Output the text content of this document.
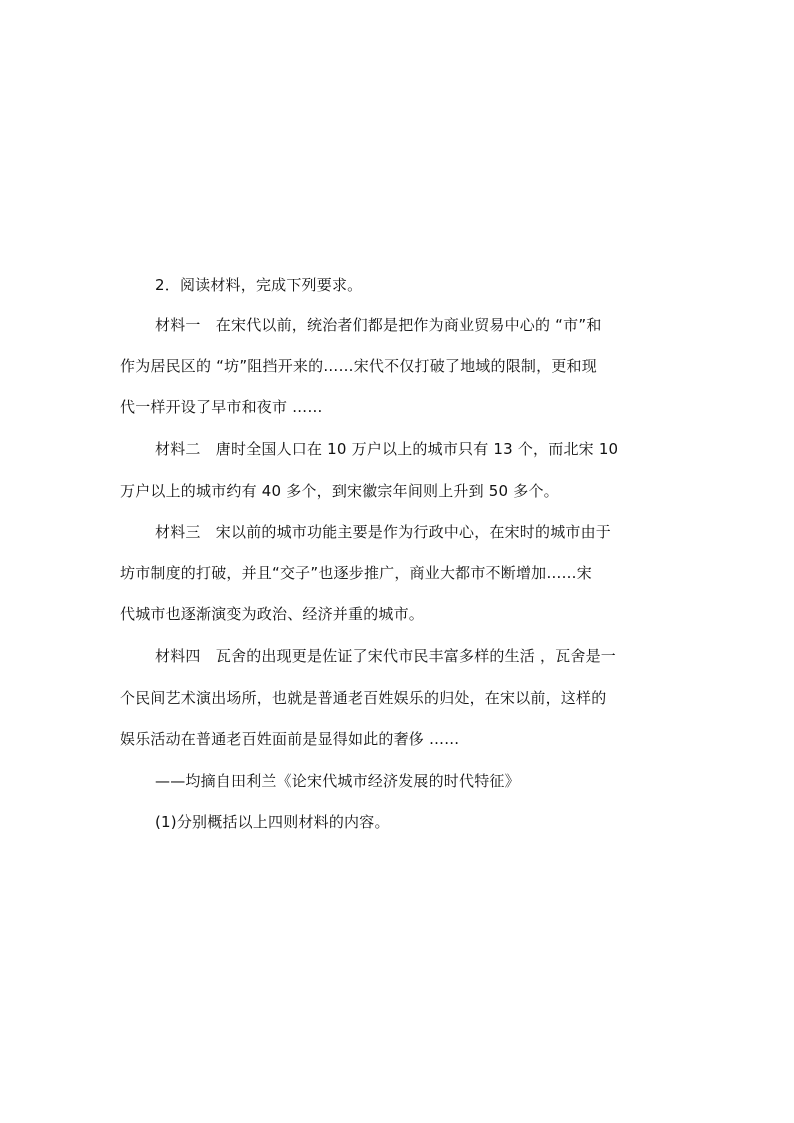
2．阅读材料，完成下列要求。
材料一　在宋代以前，统治者们都是把作为商业贸易中心的 “市”和
作为居民区的 “坊”阻挡开来的……宋代不仅打破了地域的限制，更和现
代一样开设了早市和夜市 ……
材料二　唐时全国人口在 10 万户以上的城市只有 13 个，而北宋 10
万户以上的城市约有 40 多个，到宋徽宗年间则上升到 50 多个。
材料三　宋以前的城市功能主要是作为行政中心，在宋时的城市由于
坊市制度的打破，并且“交子”也逐步推广，商业大都市不断增加……宋
代城市也逐渐演变为政治、经济并重的城市。
材料四　瓦舍的出现更是佐证了宋代市民丰富多样的生活 ，瓦舍是一
个民间艺术演出场所，也就是普通老百姓娱乐的归处，在宋以前，这样的
娱乐活动在普通老百姓面前是显得如此的奢侈 ……
——均摘自田利兰《论宋代城市经济发展的时代特征》
(1)分别概括以上四则材料的内容。
